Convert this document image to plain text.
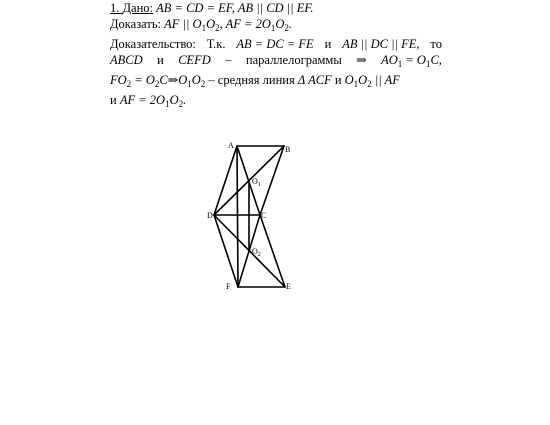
1. Дано: AB = CD = EF, AB || CD || EF.
Доказать: AF || $O_1O_2$, AF = $2O_1O_2$.
Доказательство: Т.к. AB = DC = FE и AB || DC || FE, то
ABCD и CEFD – параллелограммы ⇒ $AO_1 = O_1C$,
$FO_2$ = $O_2C\Rightarrow O_1O_2$ – средняя линия Δ ACF и $O_1O_2$ || AF
и AF = $2O_1O_2$.
A	B
C
D
E
F
$O_1$
$O_2$
